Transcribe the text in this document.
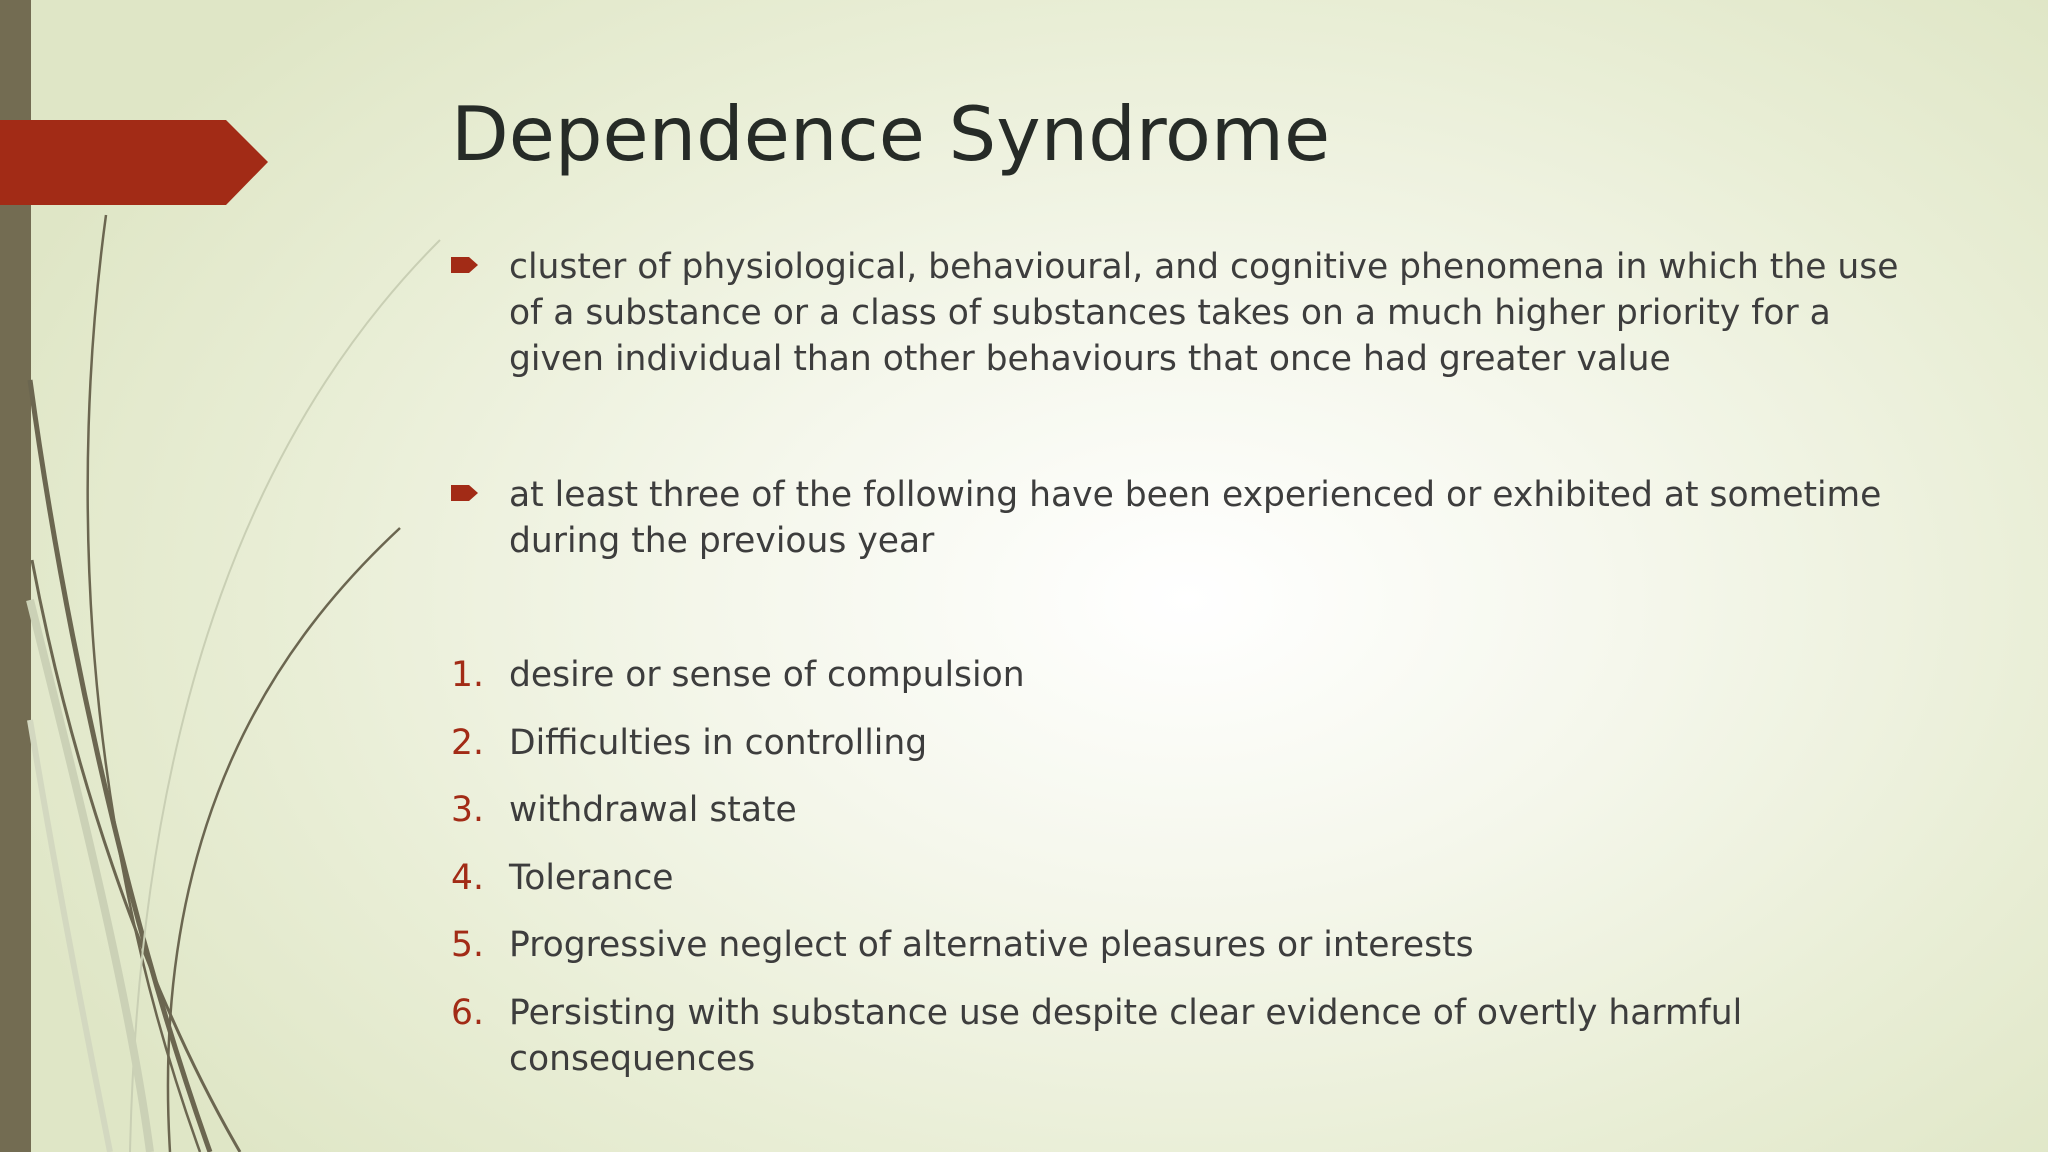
Dependence Syndrome
cluster of physiological, behavioural, and cognitive phenomena in which the use of a substance or a class of substances takes on a much higher priority for a given individual than other behaviours that once had greater value
at least three of the following have been experienced or exhibited at sometime during the previous year
1. desire or sense of compulsion
2. Difficulties in controlling
3. withdrawal state
4. Tolerance
5. Progressive neglect of alternative pleasures or interests
6. Persisting with substance use despite clear evidence of overtly harmful consequences
